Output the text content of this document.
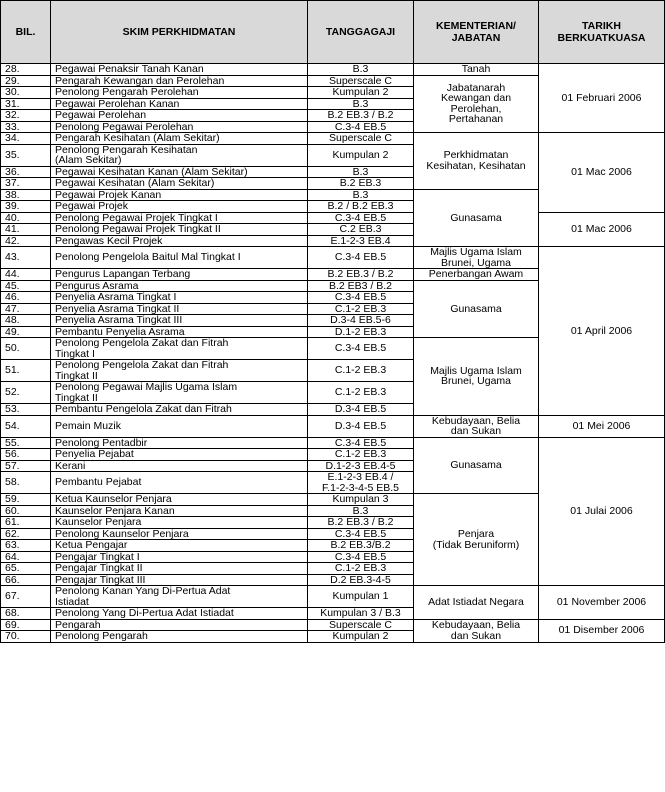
BIL.	SKIM PERKHIDMATAN	TANGGAGAJI	KEMENTERIAN/
JABATAN	TARIKH
BERKUATKUASA
28.	Pegawai Penaksir Tanah Kanan	B.3	Tanah	01 Februari 2006
29.	Pengarah Kewangan dan Perolehan	Superscale C	Jabatanarah
Kewangan dan
Perolehan,
Pertahanan	
30.	Penolong Pengarah Perolehan	Kumpulan 2		
31.	Pegawai Perolehan Kanan	B.3		
32.	Pegawai Perolehan	B.2 EB.3 / B.2		
33.	Penolong Pegawai Perolehan	C.3-4 EB.5		
34.	Pengarah Kesihatan (Alam Sekitar)	Superscale C	Perkhidmatan
Kesihatan, Kesihatan	01 Mac 2006
35.	Penolong Pengarah Kesihatan
(Alam Sekitar)	Kumpulan 2		
36.	Pegawai Kesihatan Kanan (Alam Sekitar)	B.3		
37.	Pegawai Kesihatan (Alam Sekitar)	B.2 EB.3		
38.	Pegawai Projek Kanan	B.3	Gunasama	
39.	Pegawai Projek	B.2 / B.2 EB.3		
40.	Penolong Pegawai Projek Tingkat I	C.3-4 EB.5		01 Mac 2006
41.	Penolong Pegawai Projek Tingkat II	C.2 EB.3		
42.	Pengawas Kecil Projek	E.1-2-3 EB.4		
43.	Penolong Pengelola Baitul Mal Tingkat I	C.3-4 EB.5	Majlis Ugama Islam
Brunei, Ugama	01 April 2006
44.	Pengurus Lapangan Terbang	B.2 EB.3 / B.2	Penerbangan Awam	
45.	Pengurus Asrama	B.2 EB3 / B.2	Gunasama	
46.	Penyelia Asrama Tingkat I	C.3-4 EB.5		
47.	Penyelia Asrama Tingkat II	C.1-2 EB.3		
48.	Penyelia Asrama Tingkat III	D.3-4 EB.5-6		
49.	Pembantu Penyelia Asrama	D.1-2 EB.3		
50.	Penolong Pengelola Zakat dan Fitrah
Tingkat I	C.3-4 EB.5	Majlis Ugama Islam
Brunei, Ugama	
51.	Penolong Pengelola Zakat dan Fitrah
Tingkat II	C.1-2 EB.3		
52.	Penolong Pegawai Majlis Ugama Islam
Tingkat II	C.1-2 EB.3		
53.	Pembantu Pengelola Zakat dan Fitrah	D.3-4 EB.5		
54.	Pemain Muzik	D.3-4 EB.5	Kebudayaan, Belia
dan Sukan	01 Mei 2006
55.	Penolong Pentadbir	C.3-4 EB.5	Gunasama	01 Julai 2006
56.	Penyelia Pejabat	C.1-2 EB.3		
57.	Kerani	D.1-2-3 EB.4-5		
58.	Pembantu Pejabat	E.1-2-3 EB.4 /
F.1-2-3-4-5 EB.5		
59.	Ketua Kaunselor Penjara	Kumpulan 3	Penjara
(Tidak Beruniform)	
60.	Kaunselor Penjara Kanan	B.3		
61.	Kaunselor Penjara	B.2 EB.3 / B.2		
62.	Penolong Kaunselor Penjara	C.3-4 EB.5		
63.	Ketua Pengajar	B.2 EB.3/B.2		
64.	Pengajar Tingkat I	C.3-4 EB.5		
65.	Pengajar Tingkat II	C.1-2 EB.3		
66.	Pengajar Tingkat III	D.2 EB.3-4-5		
67.	Penolong Kanan Yang Di-Pertua Adat
Istiadat	Kumpulan 1	Adat Istiadat Negara	01 November 2006
68.	Penolong Yang Di-Pertua Adat Istiadat	Kumpulan 3 / B.3		
69.	Pengarah	Superscale C	Kebudayaan, Belia
dan Sukan	01 Disember 2006
70.	Penolong Pengarah	Kumpulan 2		
